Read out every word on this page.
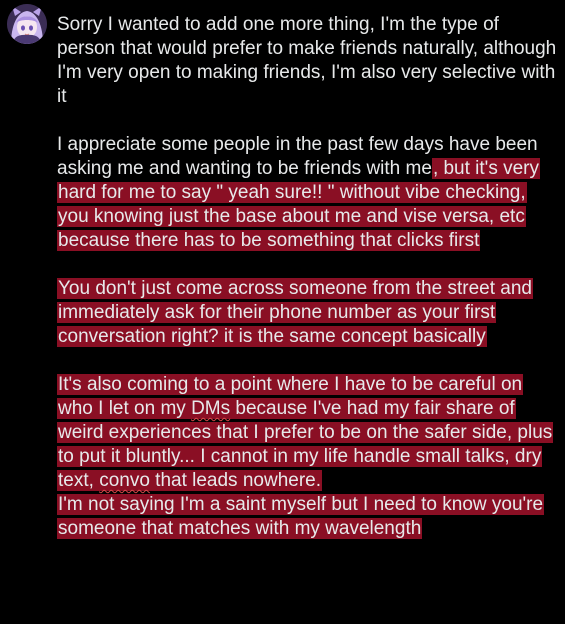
Sorry I wanted to add one more thing, I'm the type of person that would prefer to make friends naturally, although I'm very open to making friends, I'm also very selective with it

I appreciate some people in the past few days have been asking me and wanting to be friends with me, but it's very hard for me to say " yeah sure!! " without vibe checking, you knowing just the base about me and vise versa, etc because there has to be something that clicks first

You don't just come across someone from the street and immediately ask for their phone number as your first conversation right? it is the same concept basically

It's also coming to a point where I have to be careful on who I let on my DMs because I've had my fair share of weird experiences that I prefer to be on the safer side, plus to put it bluntly... I cannot in my life handle small talks, dry text, convo that leads nowhere.

I'm not saying I'm a saint myself but I need to know you're someone that matches with my wavelength
